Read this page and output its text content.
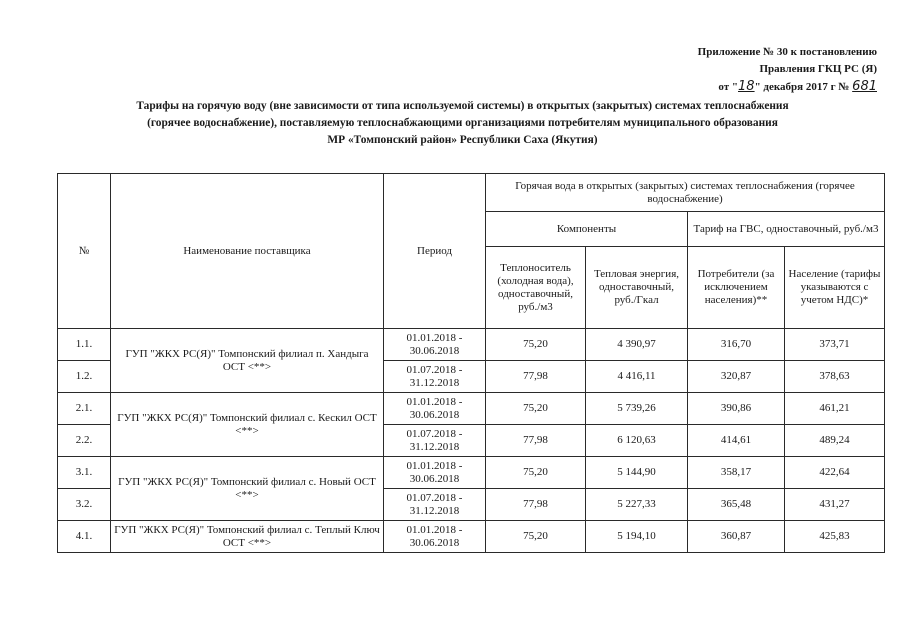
Приложение № 30 к постановлению
Правления ГКЦ РС (Я)
от "18" декабря 2017 г № 681
Тарифы на горячую воду (вне зависимости от типа используемой системы) в открытых (закрытых) системах теплоснабжения
(горячее водоснабжение), поставляемую теплоснабжающими организациями потребителям муниципального образования
МР «Томпонский район» Республики Саха (Якутия)
№	Наименование поставщика	Период	Горячая вода в открытых (закрытых) системах теплоснабжения (горячее водоснабжение)			
			Компоненты		Тариф на ГВС, одноставочный, руб./м3	
			Теплоноситель (холодная вода), одноставочный, руб./м3	Тепловая энергия, одноставочный, руб./Гкал	Потребители (за исключением населения)**	Население (тарифы указываются с учетом НДС)*
1.1.	ГУП "ЖКХ РС(Я)" Томпонский филиал п. Хандыга ОСТ <**>	01.01.2018 - 30.06.2018	75,20	4 390,97	316,70	373,71
1.2.		01.07.2018 - 31.12.2018	77,98	4 416,11	320,87	378,63
2.1.	ГУП "ЖКХ РС(Я)" Томпонский филиал с. Кескил ОСТ <**>	01.01.2018 - 30.06.2018	75,20	5 739,26	390,86	461,21
2.2.		01.07.2018 - 31.12.2018	77,98	6 120,63	414,61	489,24
3.1.	ГУП "ЖКХ РС(Я)" Томпонский филиал с. Новый ОСТ <**>	01.01.2018 - 30.06.2018	75,20	5 144,90	358,17	422,64
3.2.		01.07.2018 - 31.12.2018	77,98	5 227,33	365,48	431,27
4.1.	ГУП "ЖКХ РС(Я)" Томпонский филиал с. Теплый Ключ ОСТ <**>	01.01.2018 - 30.06.2018	75,20	5 194,10	360,87	425,83
